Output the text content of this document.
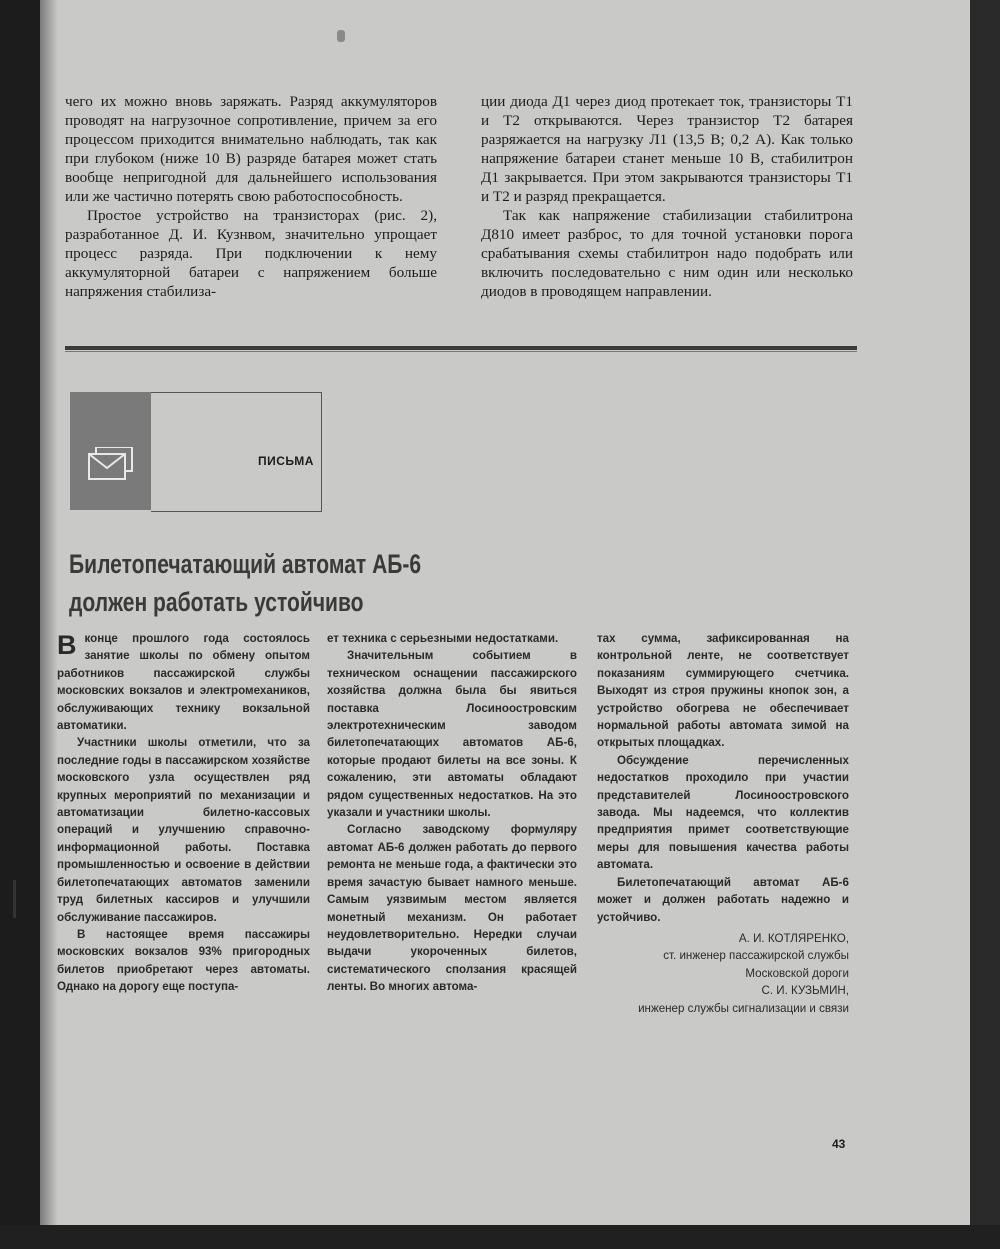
чего их можно вновь заряжать. Разряд аккумуляторов проводят на нагрузочное сопротивление, причем за его процессом приходится внимательно наблюдать, так как при глубоком (ниже 10 В) разряде батарея может стать вообще непригодной для дальнейшего использования или же частично потерять свою работоспособность.

Простое устройство на транзисторах (рис. 2), разработанное Д. И. Кузнвом, значительно упрощает процесс разряда. При подключении к нему аккумуляторной батареи с напряжением больше напряжения стабилиза-

ции диода Д1 через диод протекает ток, транзисторы Т1 и Т2 открываются. Через транзистор Т2 батарея разряжается на нагрузку Л1 (13,5 В; 0,2 А). Как только напряжение батареи станет меньше 10 В, стабилитрон Д1 закрывается. При этом закрываются транзисторы Т1 и Т2 и разряд прекращается.

Так как напряжение стабилизации стабилитрона Д810 имеет разброс, то для точной установки порога срабатывания схемы стабилитрон надо подобрать или включить последовательно с ним один или несколько диодов в проводящем направлении.

ПИСЬМА
Билетопечатающий автомат АБ-6
должен работать устойчиво

Вконце прошлого года состоялось занятие школы по обмену опытом работников пассажирской службы московских вокзалов и электромехаников, обслуживающих технику вокзальной автоматики.

Участники школы отметили, что за последние годы в пассажирском хозяйстве московского узла осуществлен ряд крупных мероприятий по механизации и автоматизации билетно-кассовых операций и улучшению справочно-информационной работы. Поставка промышленностью и освоение в действии билетопечатающих автоматов заменили труд билетных кассиров и улучшили обслуживание пассажиров.

В настоящее время пассажиры московских вокзалов 93% пригородных билетов приобретают через автоматы. Однако на дорогу еще поступа-

ет техника с серьезными недостатками.

Значительным событием в техническом оснащении пассажирского хозяйства должна была бы явиться поставка Лосиноостровским электротехническим заводом билетопечатающих автоматов АБ-6, которые продают билеты на все зоны. К сожалению, эти автоматы обладают рядом существенных недостатков. На это указали и участники школы.

Согласно заводскому формуляру автомат АБ-6 должен работать до первого ремонта не меньше года, а фактически это время зачастую бывает намного меньше. Самым уязвимым местом является монетный механизм. Он работает неудовлетворительно. Нередки случаи выдачи укороченных билетов, систематического сползания красящей ленты. Во многих автома-

тах сумма, зафиксированная на контрольной ленте, не соответствует показаниям суммирующего счетчика. Выходят из строя пружины кнопок зон, а устройство обогрева не обеспечивает нормальной работы автомата зимой на открытых площадках.

Обсуждение перечисленных недостатков проходило при участии представителей Лосиноостровского завода. Мы надеемся, что коллектив предприятия примет соответствующие меры для повышения качества работы автомата.

Билетопечатающий автомат АБ-6 может и должен работать надежно и устойчиво.

А. И. КОТЛЯРЕНКО,
ст. инженер пассажирской службы
Московской дороги
С. И. КУЗЬМИН,
инженер службы сигнализации и связи
43
